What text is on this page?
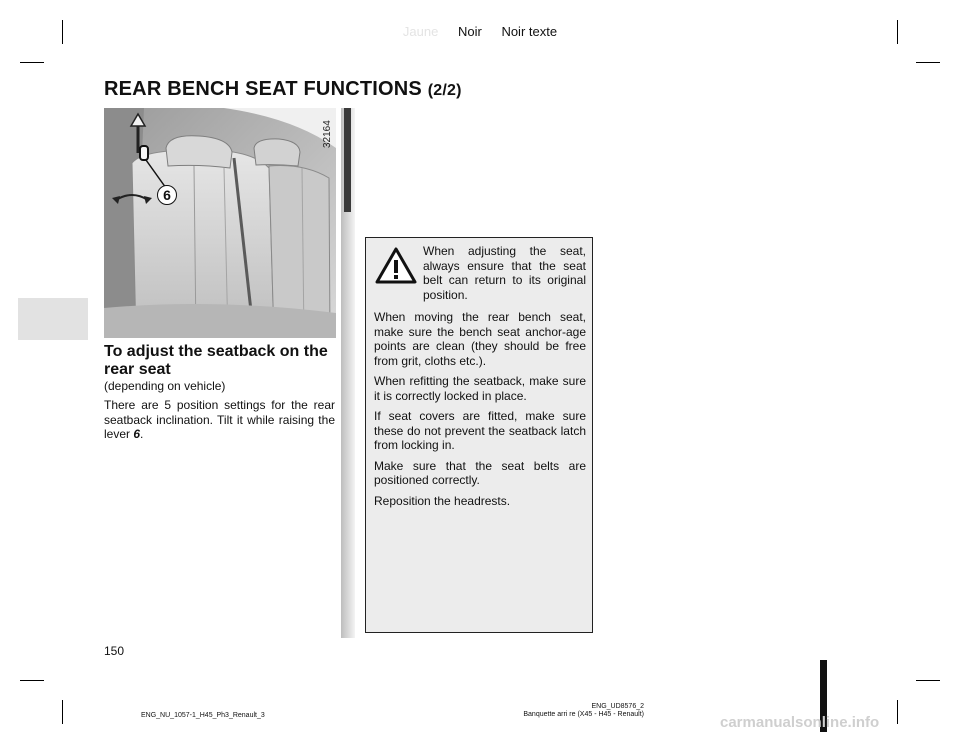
Jaune Noir Noir texte
REAR BENCH SEAT FUNCTIONS (2/2)
6
32164
To adjust the seatback on the rear seat
(depending on vehicle)
There are 5 position settings for the rear seatback inclination. Tilt it while raising the lever 6.
When adjusting the seat, always ensure that the seat belt can return to its original position.

When moving the rear bench seat, make sure the bench seat anchor-age points are clean (they should be free from grit, cloths etc.).

When refitting the seatback, make sure it is correctly locked in place.

If seat covers are fitted, make sure these do not prevent the seatback latch from locking in.

Make sure that the seat belts are positioned correctly.

Reposition the headrests.

150
ENG_NU_1057-1_H45_Ph3_Renault_3
ENG_UD8576_2
Banquette arri re (X45 - H45 - Renault)	carmanualsonline.info
